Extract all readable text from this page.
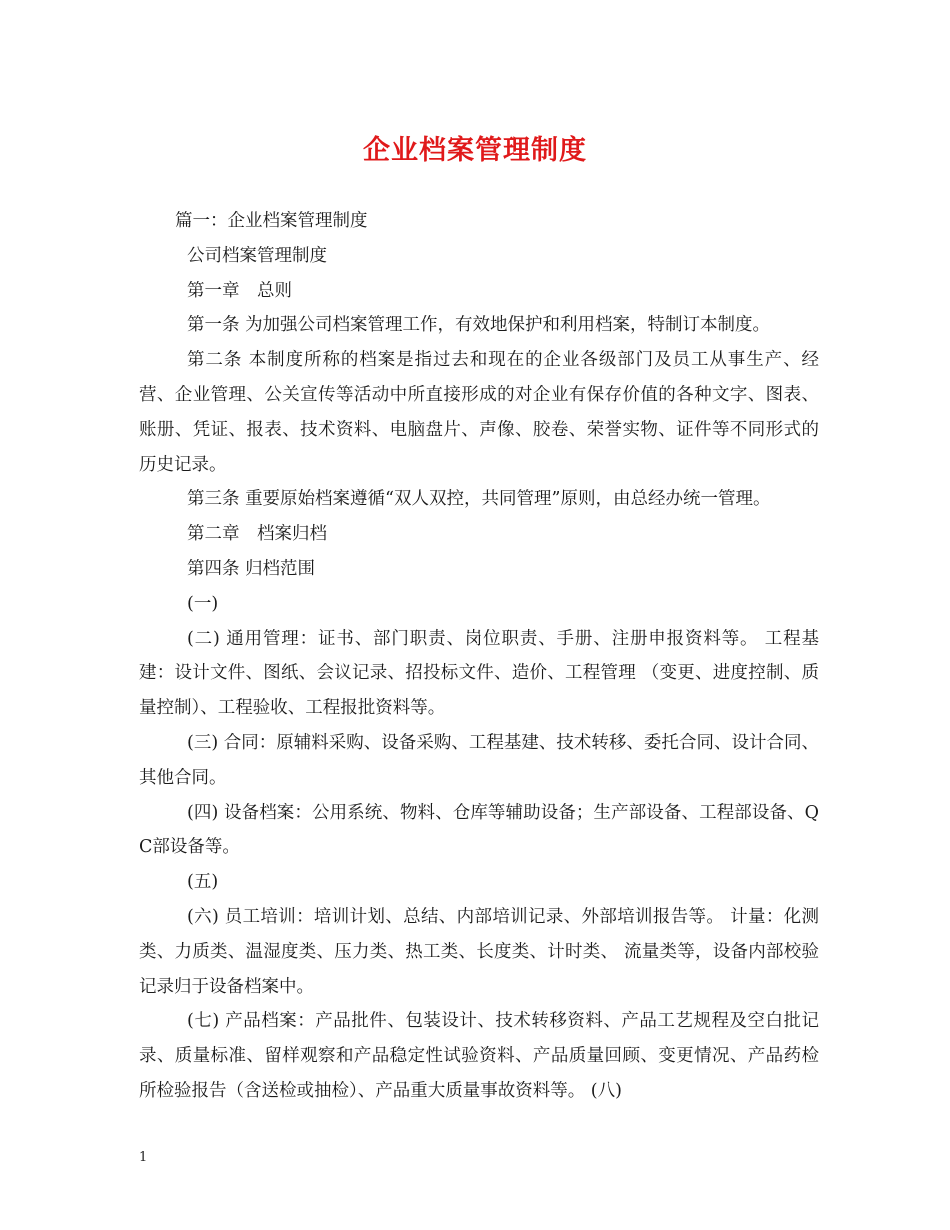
企业档案管理制度

篇一：企业档案管理制度

公司档案管理制度

第一章　总则

第一条 为加强公司档案管理工作，有效地保护和利用档案，特制订本制度。

第二条 本制度所称的档案是指过去和现在的企业各级部门及员工从事生产、经营、企业管理、公关宣传等活动中所直接形成的对企业有保存价值的各种文字、图表、账册、凭证、报表、技术资料、电脑盘片、声像、胶卷、荣誉实物、证件等不同形式的历史记录。

第三条 重要原始档案遵循“双人双控，共同管理”原则，由总经办统一管理。

第二章　档案归档

第四条 归档范围

(一)

(二) 通用管理：证书、部门职责、岗位职责、手册、注册申报资料等。 工程基建：设计文件、图纸、会议记录、招投标文件、造价、工程管理 （变更、进度控制、质量控制）、工程验收、工程报批资料等。

(三) 合同：原辅料采购、设备采购、工程基建、技术转移、委托合同、设计合同、其他合同。

(四) 设备档案：公用系统、物料、仓库等辅助设备；生产部设备、工程部设备、QC部设备等。

(五)

(六) 员工培训：培训计划、总结、内部培训记录、外部培训报告等。 计量：化测类、力质类、温湿度类、压力类、热工类、长度类、计时类、 流量类等，设备内部校验记录归于设备档案中。

(七) 产品档案：产品批件、包装设计、技术转移资料、产品工艺规程及空白批记录、质量标准、留样观察和产品稳定性试验资料、产品质量回顾、变更情况、产品药检所检验报告（含送检或抽检）、产品重大质量事故资料等。 (八)

1
